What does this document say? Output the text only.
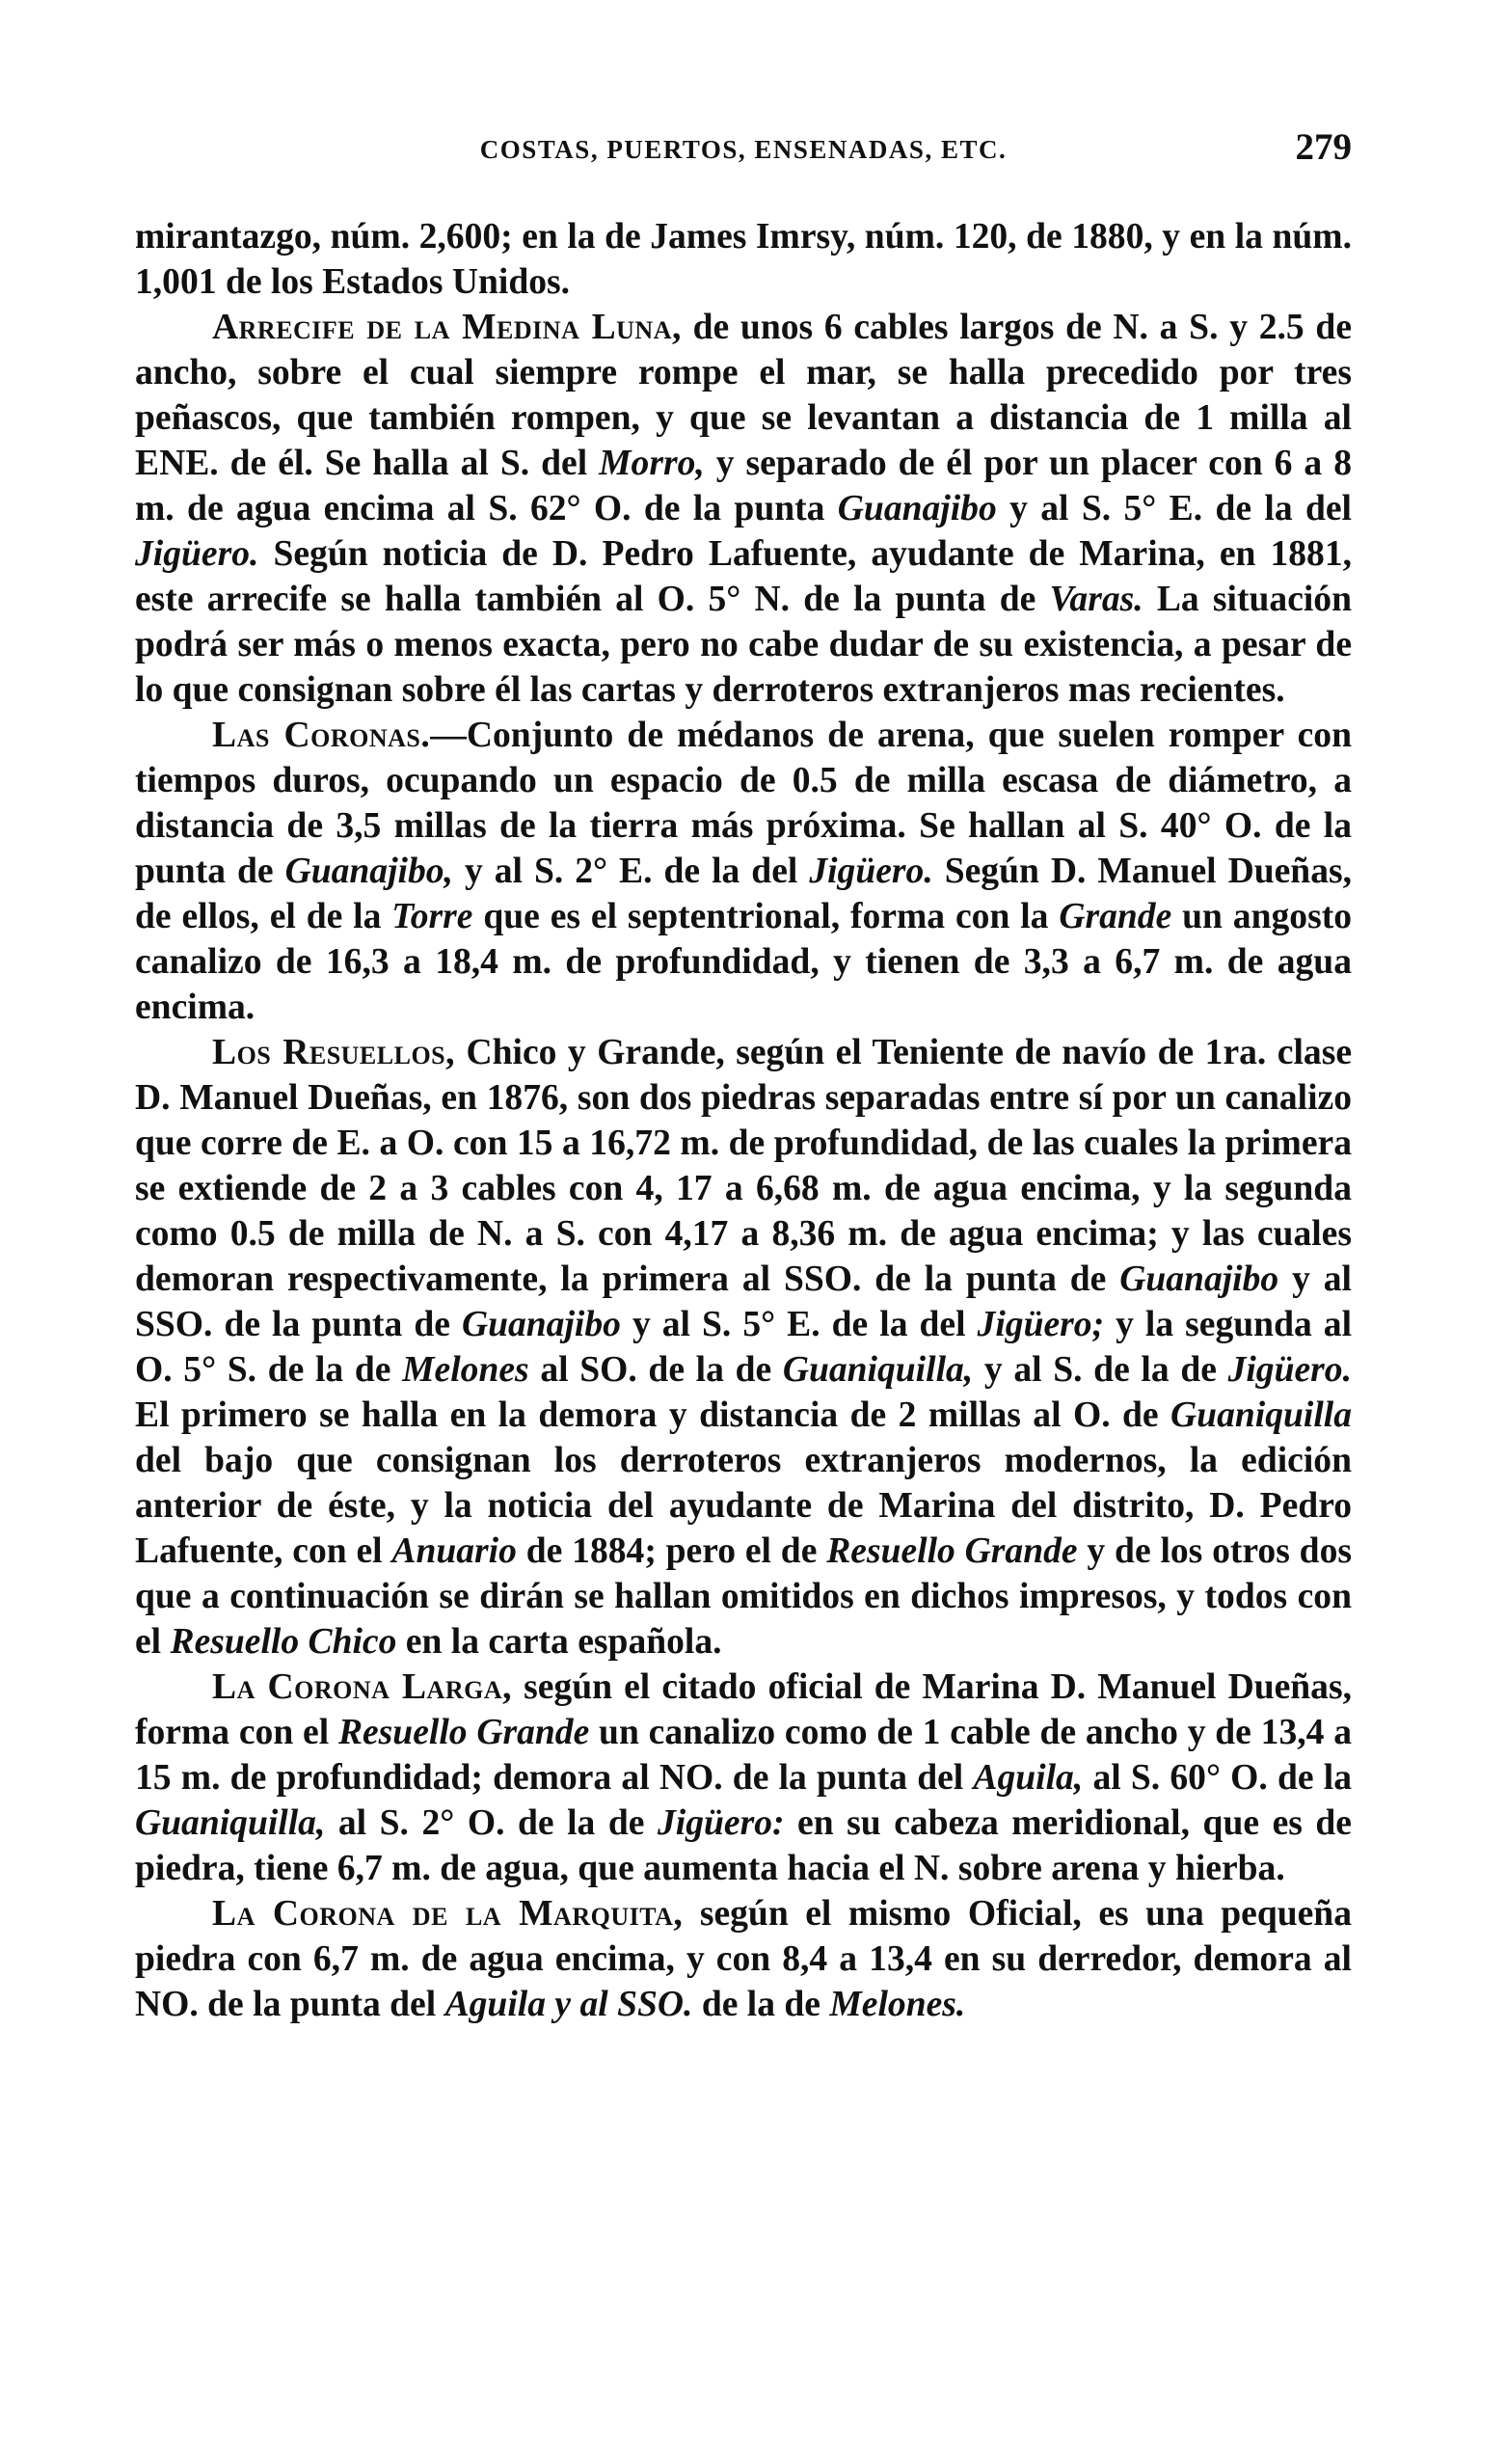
COSTAS, PUERTOS, ENSENADAS, ETC.	279

mirantazgo, núm. 2,600; en la de James Imrsy, núm. 120, de 1880, y en la núm. 1,001 de los Estados Unidos.

Arrecife de la Medina Luna, de unos 6 cables largos de N. a S. y 2.5 de ancho, sobre el cual siempre rompe el mar, se halla precedido por tres peñascos, que también rompen, y que se levantan a distancia de 1 milla al ENE. de él. Se halla al S. del Morro, y separado de él por un placer con 6 a 8 m. de agua encima al S. 62° O. de la punta Guanajibo y al S. 5° E. de la del Jigüero. Según noticia de D. Pedro Lafuente, ayudante de Marina, en 1881, este arrecife se halla también al O. 5° N. de la punta de Varas. La situación podrá ser más o menos exacta, pero no cabe dudar de su existencia, a pesar de lo que consignan sobre él las cartas y derroteros extranjeros mas recientes.

Las Coronas.—Conjunto de médanos de arena, que suelen romper con tiempos duros, ocupando un espacio de 0.5 de milla escasa de diámetro, a distancia de 3,5 millas de la tierra más próxima. Se hallan al S. 40° O. de la punta de Guanajibo, y al S. 2° E. de la del Jigüero. Según D. Manuel Dueñas, de ellos, el de la Torre que es el septentrional, forma con la Grande un angosto canalizo de 16,3 a 18,4 m. de profundidad, y tienen de 3,3 a 6,7 m. de agua encima.

Los Resuellos, Chico y Grande, según el Teniente de navío de 1ra. clase D. Manuel Dueñas, en 1876, son dos piedras separadas entre sí por un canalizo que corre de E. a O. con 15 a 16,72 m. de profundidad, de las cuales la primera se extiende de 2 a 3 cables con 4, 17 a 6,68 m. de agua encima, y la segunda como 0.5 de milla de N. a S. con 4,17 a 8,36 m. de agua encima; y las cuales demoran respectivamente, la primera al SSO. de la punta de Guanajibo y al SSO. de la punta de Guanajibo y al S. 5° E. de la del Jigüero; y la segunda al O. 5° S. de la de Melones al SO. de la de Guaniquilla, y al S. de la de Jigüero. El primero se halla en la demora y distancia de 2 millas al O. de Guaniquilla del bajo que consignan los derroteros extranjeros modernos, la edición anterior de éste, y la noticia del ayudante de Marina del distrito, D. Pedro Lafuente, con el Anuario de 1884; pero el de Resuello Grande y de los otros dos que a continuación se dirán se hallan omitidos en dichos impresos, y todos con el Resuello Chico en la carta española.

La Corona Larga, según el citado oficial de Marina D. Manuel Dueñas, forma con el Resuello Grande un canalizo como de 1 cable de ancho y de 13,4 a 15 m. de profundidad; demora al NO. de la punta del Aguila, al S. 60° O. de la Guaniquilla, al S. 2° O. de la de Jigüero: en su cabeza meridional, que es de piedra, tiene 6,7 m. de agua, que aumenta hacia el N. sobre arena y hierba.

La Corona de la Marquita, según el mismo Oficial, es una pequeña piedra con 6,7 m. de agua encima, y con 8,4 a 13,4 en su derredor, demora al NO. de la punta del Aguila y al SSO. de la de Melones.
